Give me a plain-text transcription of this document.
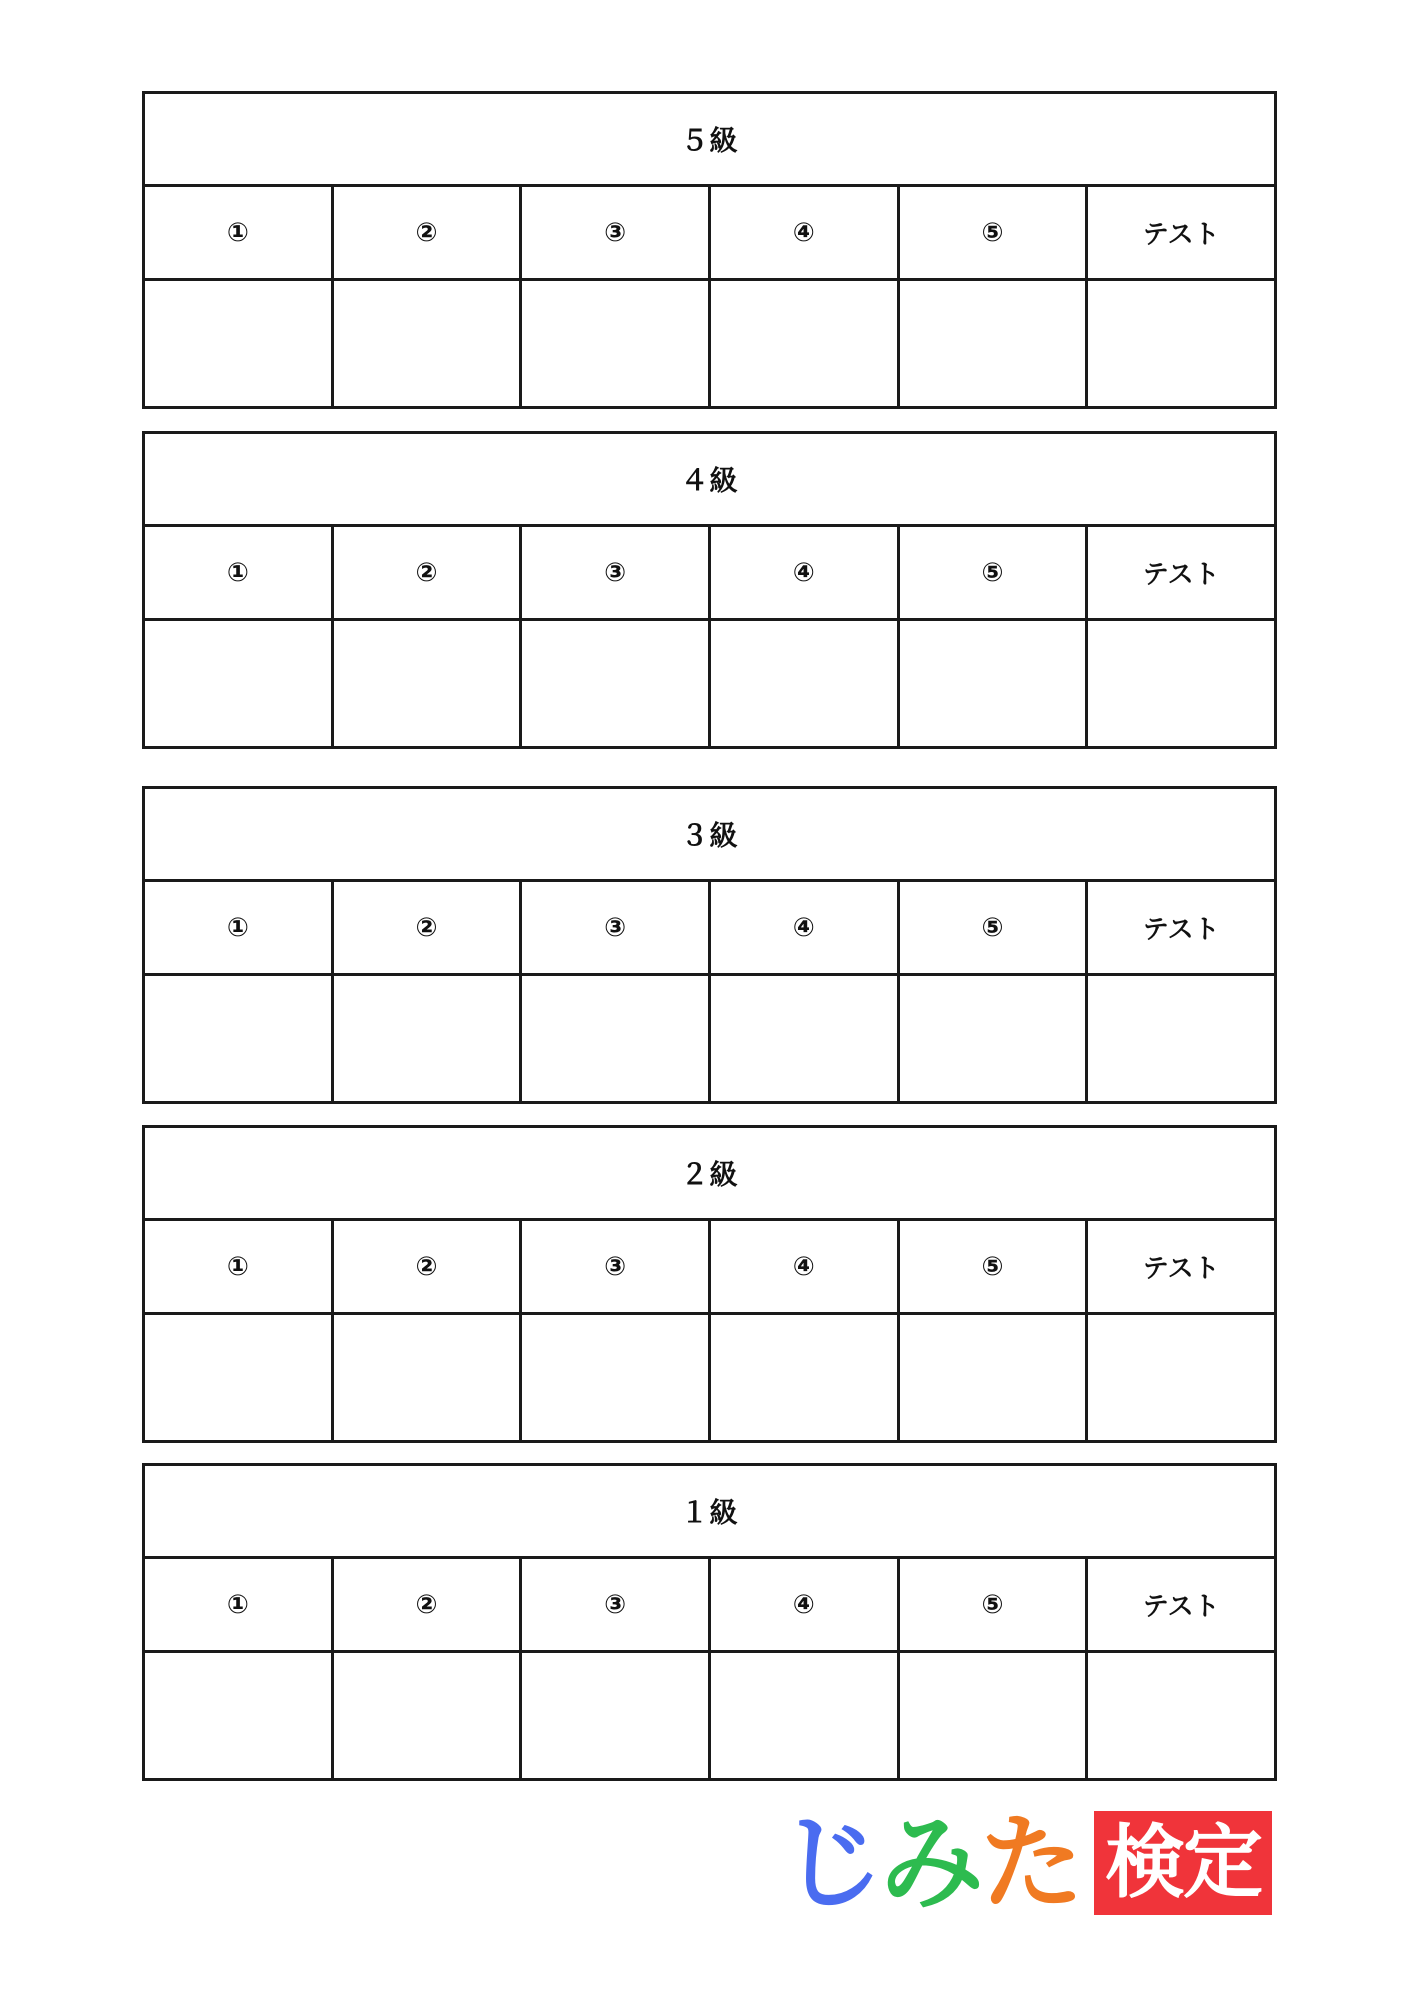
５級					
①	②	③	④	⑤	テスト

４級					
①	②	③	④	⑤	テスト

３級					
①	②	③	④	⑤	テスト

２級					
①	②	③	④	⑤	テスト

１級					
①	②	③	④	⑤	テスト

じ み た 検定
